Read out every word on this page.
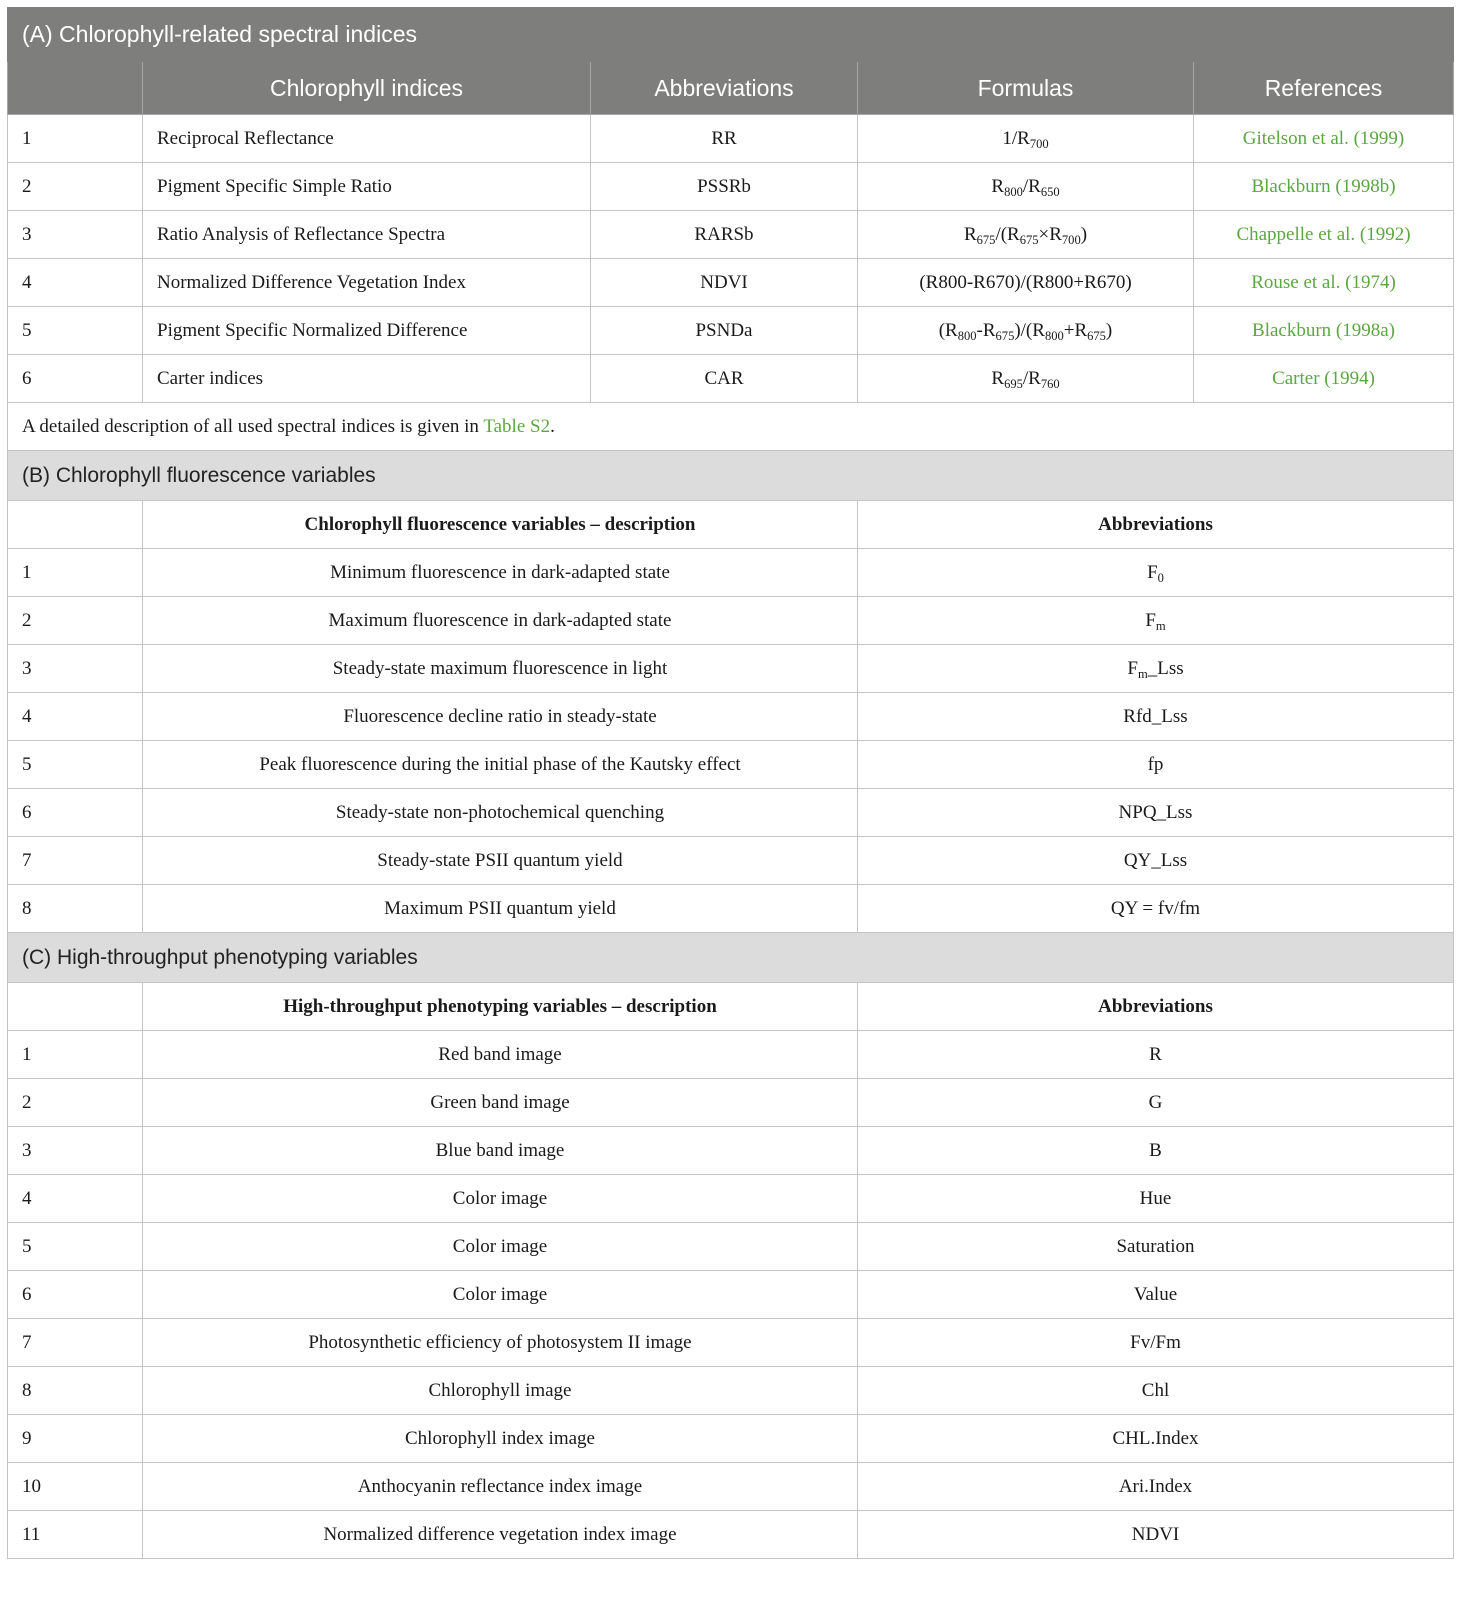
(A) Chlorophyll-related spectral indices				
	Chlorophyll indices	Abbreviations	Formulas	References
1	Reciprocal Reflectance	RR	$1/R_{700}$	Gitelson et al. (1999)
2	Pigment Specific Simple Ratio	PSSRb	$R_{800}/R_{650}$	Blackburn (1998b)
3	Ratio Analysis of Reflectance Spectra	RARSb	$R_{675}/(R_{675}\times R_{700})$	Chappelle et al. (1992)
4	Normalized Difference Vegetation Index	NDVI	(R800-R670)/(R800+R670)	Rouse et al. (1974)
5	Pigment Specific Normalized Difference	PSNDa	$(R_{800}-R_{675})/(R_{800}+R_{675})$	Blackburn (1998a)
6	Carter indices	CAR	$R_{695}/R_{760}$	Carter (1994)
A detailed description of all used spectral indices is given in Table S2.				
(B) Chlorophyll fluorescence variables				
	Chlorophyll fluorescence variables – description		Abbreviations	
1	Minimum fluorescence in dark-adapted state		$F_0$
2	Maximum fluorescence in dark-adapted state		$F_m$
3	Steady-state maximum fluorescence in light		$F_m\_Lss$	
4	Fluorescence decline ratio in steady-state		Rfd_Lss	
5	Peak fluorescence during the initial phase of the Kautsky effect		fp	
6	Steady-state non-photochemical quenching		NPQ_Lss	
7	Steady-state PSII quantum yield		QY_Lss	
8	Maximum PSII quantum yield		QY = fv/fm	
(C) High-throughput phenotyping variables				
	High-throughput phenotyping variables – description		Abbreviations	
1	Red band image		R	
2	Green band image		G	
3	Blue band image		B	
4	Color image		Hue	
5	Color image		Saturation	
6	Color image		Value	
7	Photosynthetic efficiency of photosystem II image		Fv/Fm	
8	Chlorophyll image		Chl	
9	Chlorophyll index image		CHL.Index	
10	Anthocyanin reflectance index image		Ari.Index	
11	Normalized difference vegetation index image		NDVI	
